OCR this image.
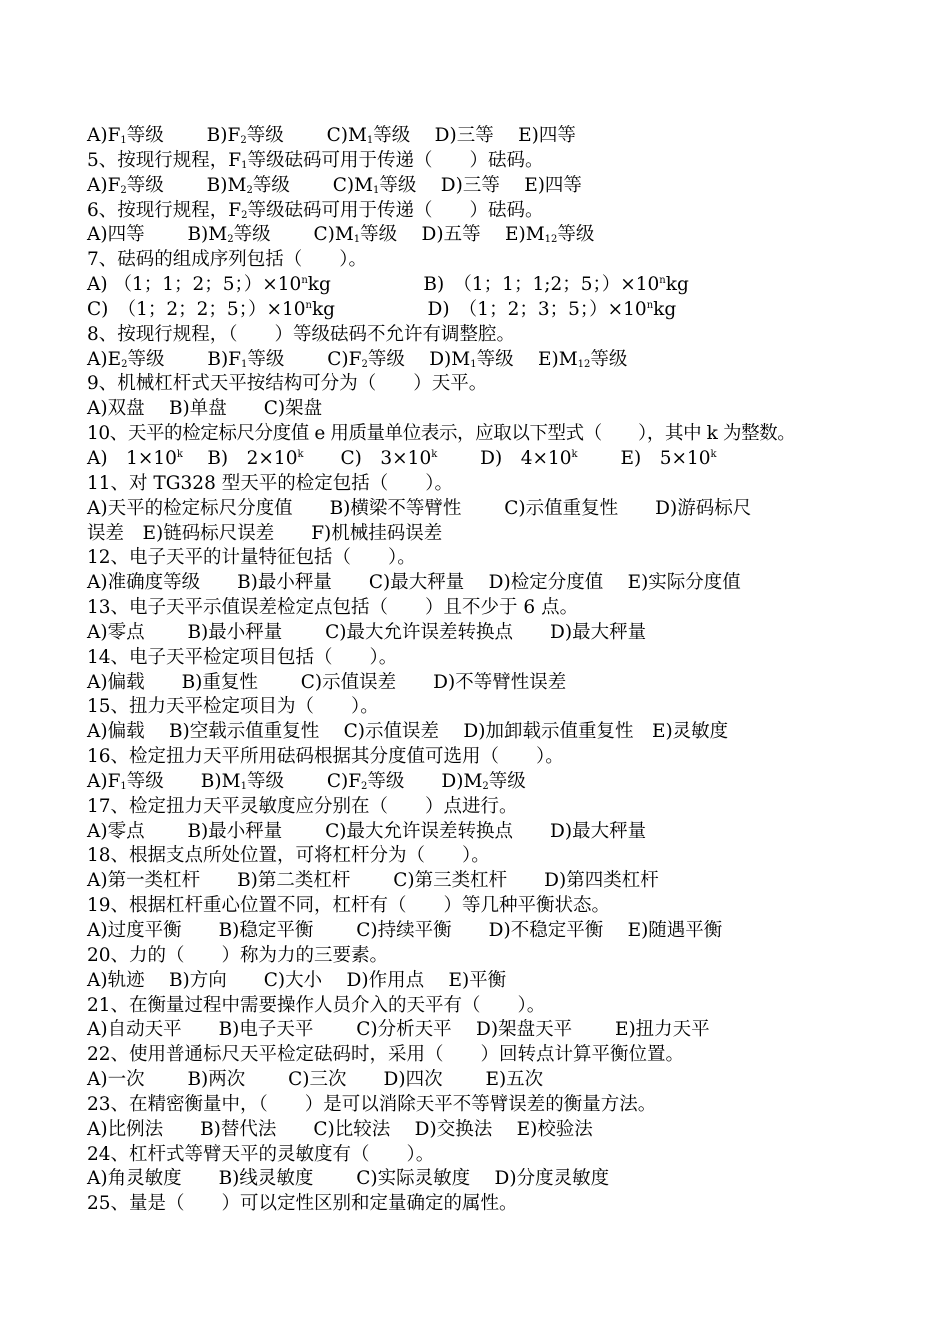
$A)F_1$等级　　 $B)F_2$等级　　 $C)M_1$等级　 D)三等　 E)四等
5、按现行规程，$F_1$等级砝码可用于传递（　　）砝码。
$A)F_2$等级　　 $B)M_2$等级　　 $C)M_1$等级　 D)三等　 E)四等
6、按现行规程，$F_2$等级砝码可用于传递（　　）砝码。
A)四等　　 $B)M_2$等级　　 $C)M_1$等级　 D)五等　 $E)M_{12}$等级
7、砝码的组成序列包括（　　）。
A) （1；1；2；5；）$\times 10^nkg$　　　　　B)　（1；1；1;2；5；）$\times 10^nkg$
C)　（1；2；2；5；）$\times 10^nkg$　　　　　D)　（1；2；3；5；）$\times 10^nkg$
8、按现行规程，（　　）等级砝码不允许有调整腔。
$A)E_2$等级　　 $B)F_1$等级　　 $C)F_2$等级　 $D)M_1$等级　 $E)M_{12}$等级
9、机械杠杆式天平按结构可分为（　　）天平。
A)双盘　 B)单盘　　C)架盘
10、天平的检定标尺分度值 e 用质量单位表示，应取以下型式（　　），其中 k 为整数。
A)　$1\times 10^k$　 B)　$2\times 10^k$　　C)　$3\times 10^k$　　 D)　$4\times 10^k$　　 E)　$5\times 10^k$
11、对 TG328 型天平的检定包括（　　）。
A)天平的检定标尺分度值　　B)横梁不等臂性　　 C)示值重复性　　D)游码标尺
误差　E)链码标尺误差　　F)机械挂码误差
12、电子天平的计量特征包括（　　）。
A)准确度等级　　B)最小秤量　　C)最大秤量　 D)检定分度值　 E)实际分度值
13、电子天平示值误差检定点包括（　　）且不少于 6 点。
A)零点　　 B)最小秤量　　 C)最大允许误差转换点　　D)最大秤量
14、电子天平检定项目包括（　　）。
A)偏载　　B)重复性　　 C)示值误差　　D)不等臂性误差
15、扭力天平检定项目为（　　）。
A)偏载　 B)空载示值重复性　 C)示值误差　 D)加卸载示值重复性　E)灵敏度
16、检定扭力天平所用砝码根据其分度值可选用（　　）。
$A)F_1$等级　　$B)M_1$等级　　 $C)F_2$等级　　$D)M_2$等级
17、检定扭力天平灵敏度应分别在（　　）点进行。
A)零点　　 B)最小秤量　　 C)最大允许误差转换点　　D)最大秤量
18、根据支点所处位置，可将杠杆分为（　　）。
A)第一类杠杆　　B)第二类杠杆　　 C)第三类杠杆　　D)第四类杠杆
19、根据杠杆重心位置不同，杠杆有（　　）等几种平衡状态。
A)过度平衡　　B)稳定平衡　　 C)持续平衡　　D)不稳定平衡　 E)随遇平衡
20、力的（　　）称为力的三要素。
A)轨迹　 B)方向　　C)大小　 D)作用点　 E)平衡
21、在衡量过程中需要操作人员介入的天平有（　　）。
A)自动天平　　B)电子天平　　 C)分析天平　 D)架盘天平　　 E)扭力天平
22、使用普通标尺天平检定砝码时，采用（　　）回转点计算平衡位置。
A)一次　　 B)两次　　 C)三次　　D)四次　　 E)五次
23、在精密衡量中，（　　）是可以消除天平不等臂误差的衡量方法。
A)比例法　　B)替代法　　C)比较法　 D)交换法　 E)校验法
24、杠杆式等臂天平的灵敏度有（　　）。
A)角灵敏度　　B)线灵敏度　　 C)实际灵敏度　 D)分度灵敏度
25、量是（　　）可以定性区别和定量确定的属性。
